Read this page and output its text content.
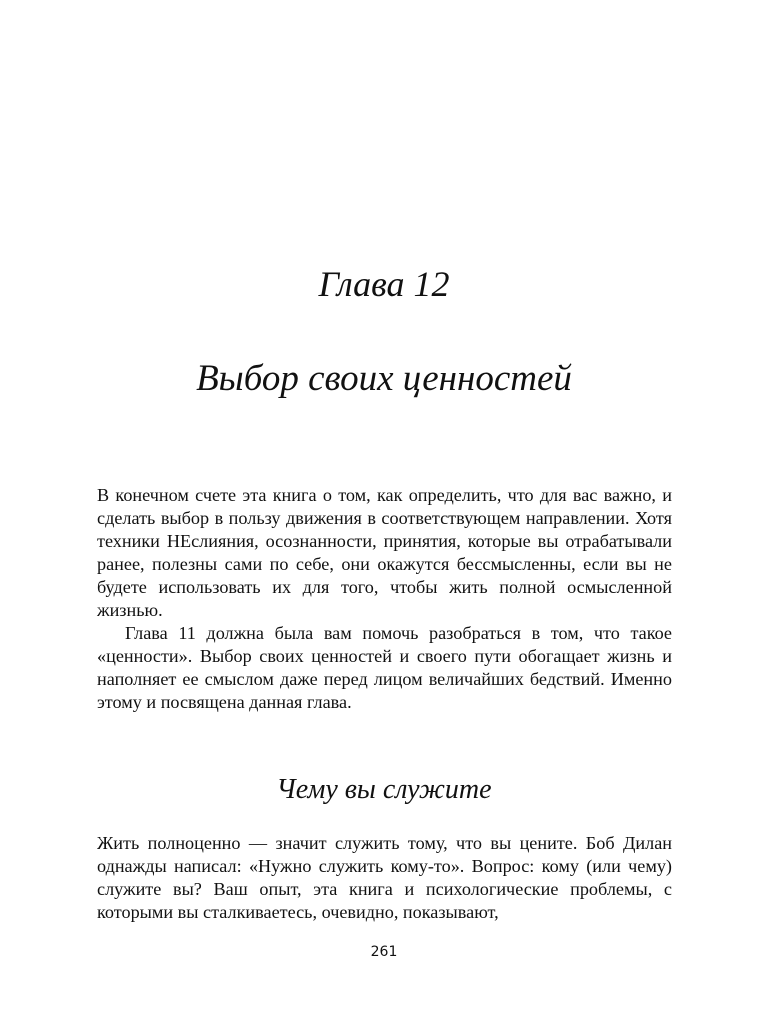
Глава 12
Выбор своих ценностей

В конечном счете эта книга о том, как определить, что для вас важно, и сделать выбор в пользу движения в соответствующем направлении. Хотя техники НЕслияния, осознанности, принятия, которые вы отрабатывали ранее, полезны сами по себе, они окажутся бессмысленны, если вы не будете использовать их для того, чтобы жить полной осмысленной жизнью.

Глава 11 должна была вам помочь разобраться в том, что такое «ценности». Выбор своих ценностей и своего пути обогащает жизнь и наполняет ее смыслом даже перед лицом величайших бедствий. Именно этому и посвящена данная глава.

Чему вы служите

Жить полноценно — значит служить тому, что вы цените. Боб Дилан однажды написал: «Нужно служить кому-то». Вопрос: кому (или чему) служите вы? Ваш опыт, эта книга и психологические проблемы, с которыми вы сталкиваетесь, очевидно, показывают,

261
